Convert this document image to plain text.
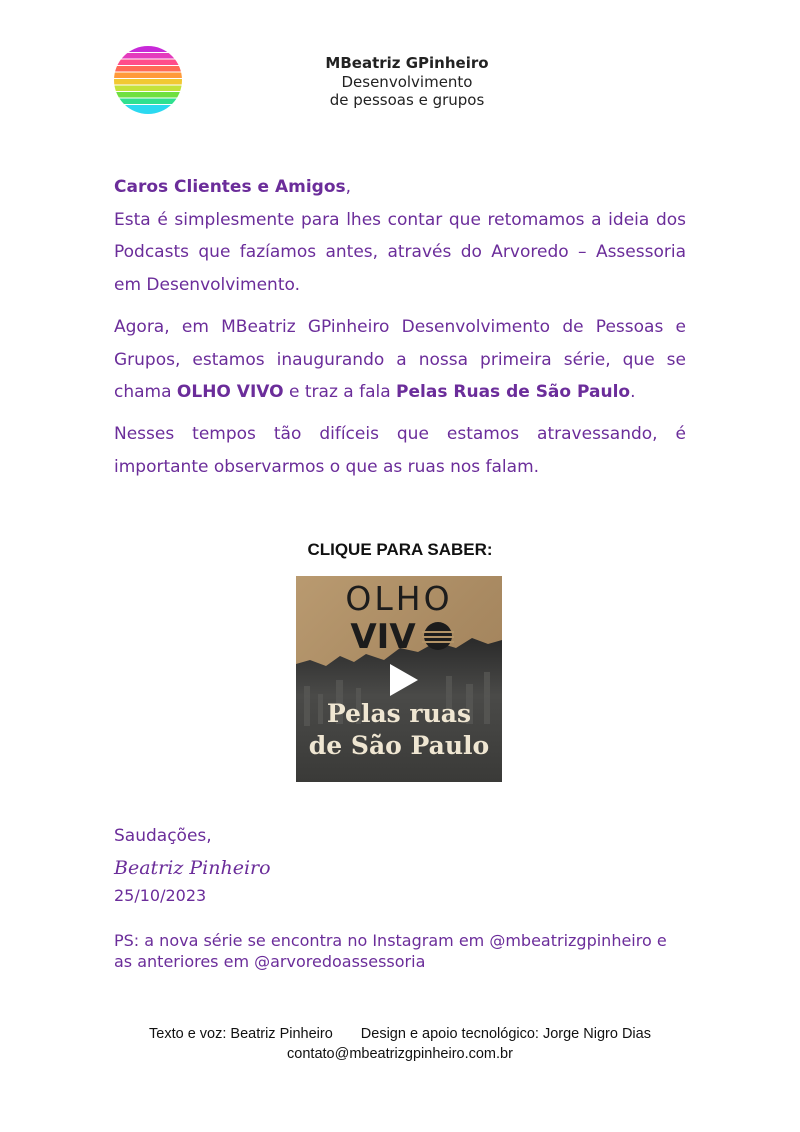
MBeatriz GPinheiro
Desenvolvimento
de pessoas e grupos

Caros Clientes e Amigos,
Esta é simplesmente para lhes contar que retomamos a ideia dos Podcasts que fazíamos antes, através do Arvoredo – Assessoria em Desenvolvimento.

Agora, em MBeatriz GPinheiro Desenvolvimento de Pessoas e Grupos, estamos inaugurando a nossa primeira série, que se chama OLHO VIVO e traz a fala Pelas Ruas de São Paulo.

Nesses tempos tão difíceis que estamos atravessando, é importante observarmos o que as ruas nos falam.

CLIQUE PARA SABER:
OLHO
VIV
Pelas ruas
de São Paulo
Saudações,
Beatriz Pinheiro
25/10/2023

PS: a nova série se encontra no Instagram em @mbeatrizgpinheiro e

as anteriores em @arvoredoassessoria

Texto e voz: Beatriz Pinheiro Design e apoio tecnológico: Jorge Nigro Dias
contato@mbeatrizgpinheiro.com.br
